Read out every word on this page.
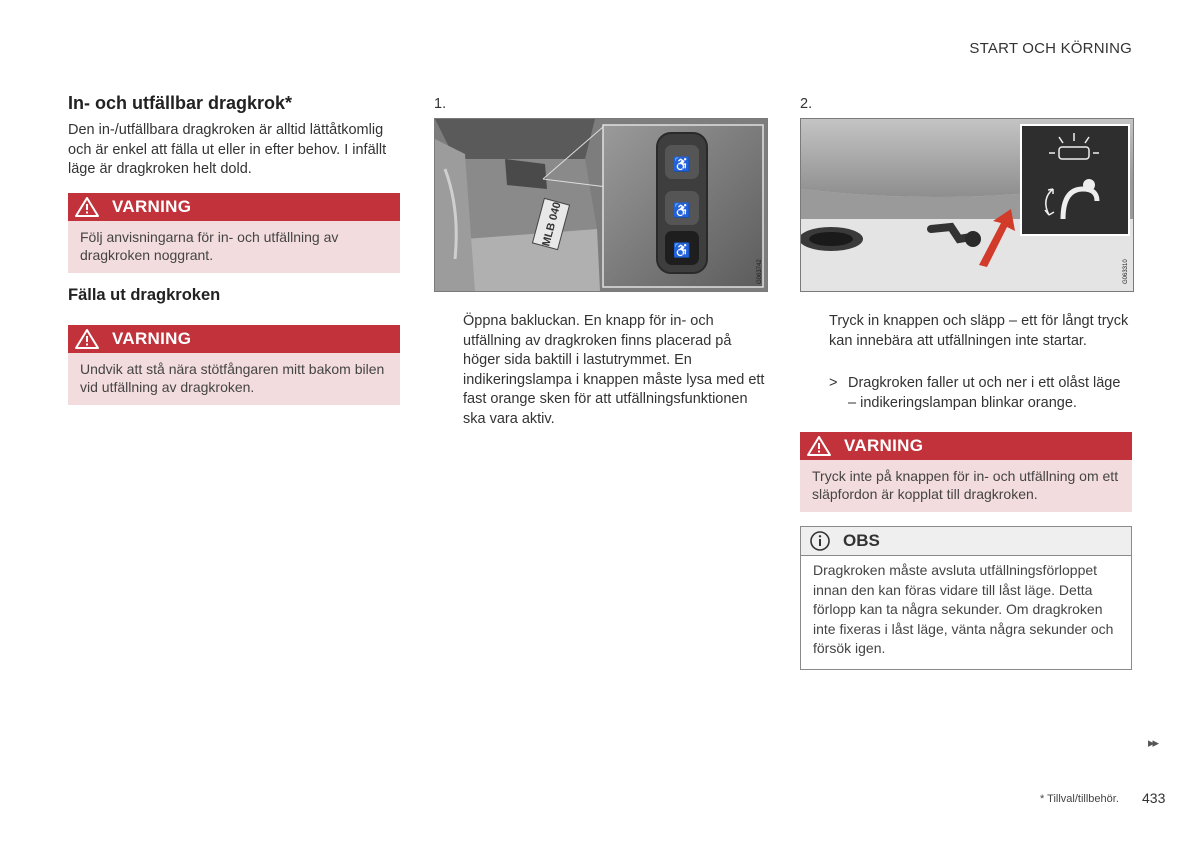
START OCH KÖRNING
In- och utfällbar dragkrok*

Den in-/utfällbara dragkroken är alltid lättåtkomlig och är enkel att fälla ut eller in efter behov. I infällt läge är dragkroken helt dold.

VARNING
Följ anvisningarna för in- och utfällning av dragkroken noggrant.
Fälla ut dragkroken
VARNING
Undvik att stå nära stötfångaren mitt bakom bilen vid utfällning av dragkroken.
1.
MLB 040
♿
♿
♿
G063742

Öppna bakluckan. En knapp för in- och utfällning av dragkroken finns placerad på höger sida baktill i lastutrymmet. En indikeringslampa i knappen måste lysa med ett fast orange sken för att utfällningsfunktionen ska vara aktiv.

2.
G063310

Tryck in knappen och släpp – ett för långt tryck kan innebära att utfällningen inte startar.

> Dragkroken faller ut och ner i ett olåst läge – indikeringslampan blinkar orange.
VARNING
Tryck inte på knappen för in- och utfällning om ett släpfordon är kopplat till dragkroken.
OBS
Dragkroken måste avsluta utfällningsförloppet innan den kan föras vidare till låst läge. Detta förlopp kan ta några sekunder. Om dragkroken inte fixeras i låst läge, vänta några sekunder och försök igen.
▸▸
* Tillval/tillbehör. 433
